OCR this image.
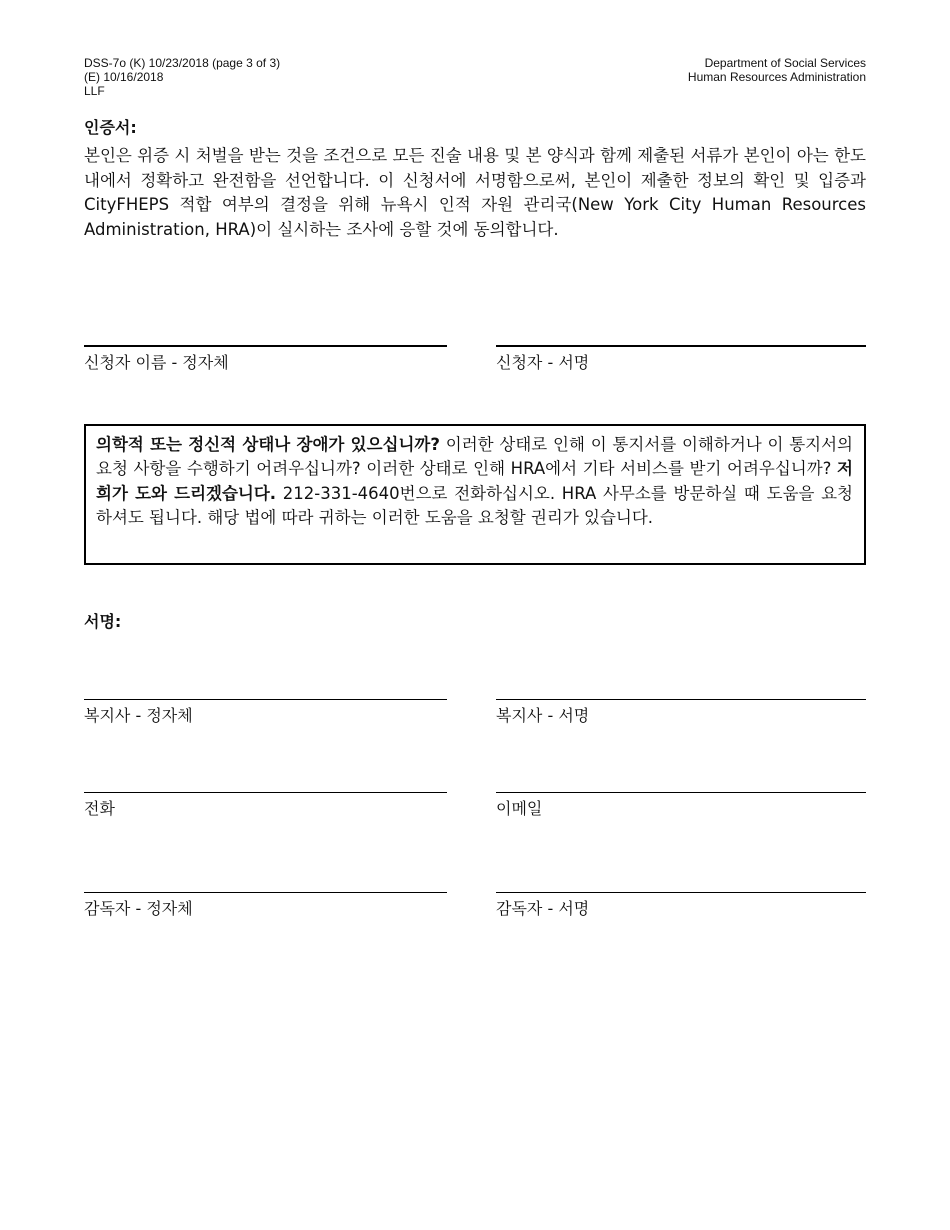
DSS-7o (K) 10/23/2018 (page 3 of 3)
(E) 10/16/2018
LLF
Department of Social Services
Human Resources Administration
인증서:

본인은 위증 시 처벌을 받는 것을 조건으로 모든 진술 내용 및 본 양식과 함께 제출된 서류가 본인이 아는 한도 내에서 정확하고 완전함을 선언합니다. 이 신청서에 서명함으로써, 본인이 제출한 정보의 확인 및 입증과 CityFHEPS 적합 여부의 결정을 위해 뉴욕시 인적 자원 관리국(New York City Human Resources Administration, HRA)이 실시하는 조사에 응할 것에 동의합니다.

신청자 이름 - 정자체	신청자 - 서명
의학적 또는 정신적 상태나 장애가 있으십니까? 이러한 상태로 인해 이 통지서를 이해하거나 이 통지서의 요청 사항을 수행하기 어려우십니까? 이러한 상태로 인해 HRA에서 기타 서비스를 받기 어려우십니까? 저희가 도와 드리겠습니다. 212-331-4640번으로 전화하십시오. HRA 사무소를 방문하실 때 도움을 요청하셔도 됩니다. 해당 법에 따라 귀하는 이러한 도움을 요청할 권리가 있습니다.
서명:
복지사 - 정자체	복지사 - 서명
전화	이메일
감독자 - 정자체	감독자 - 서명
